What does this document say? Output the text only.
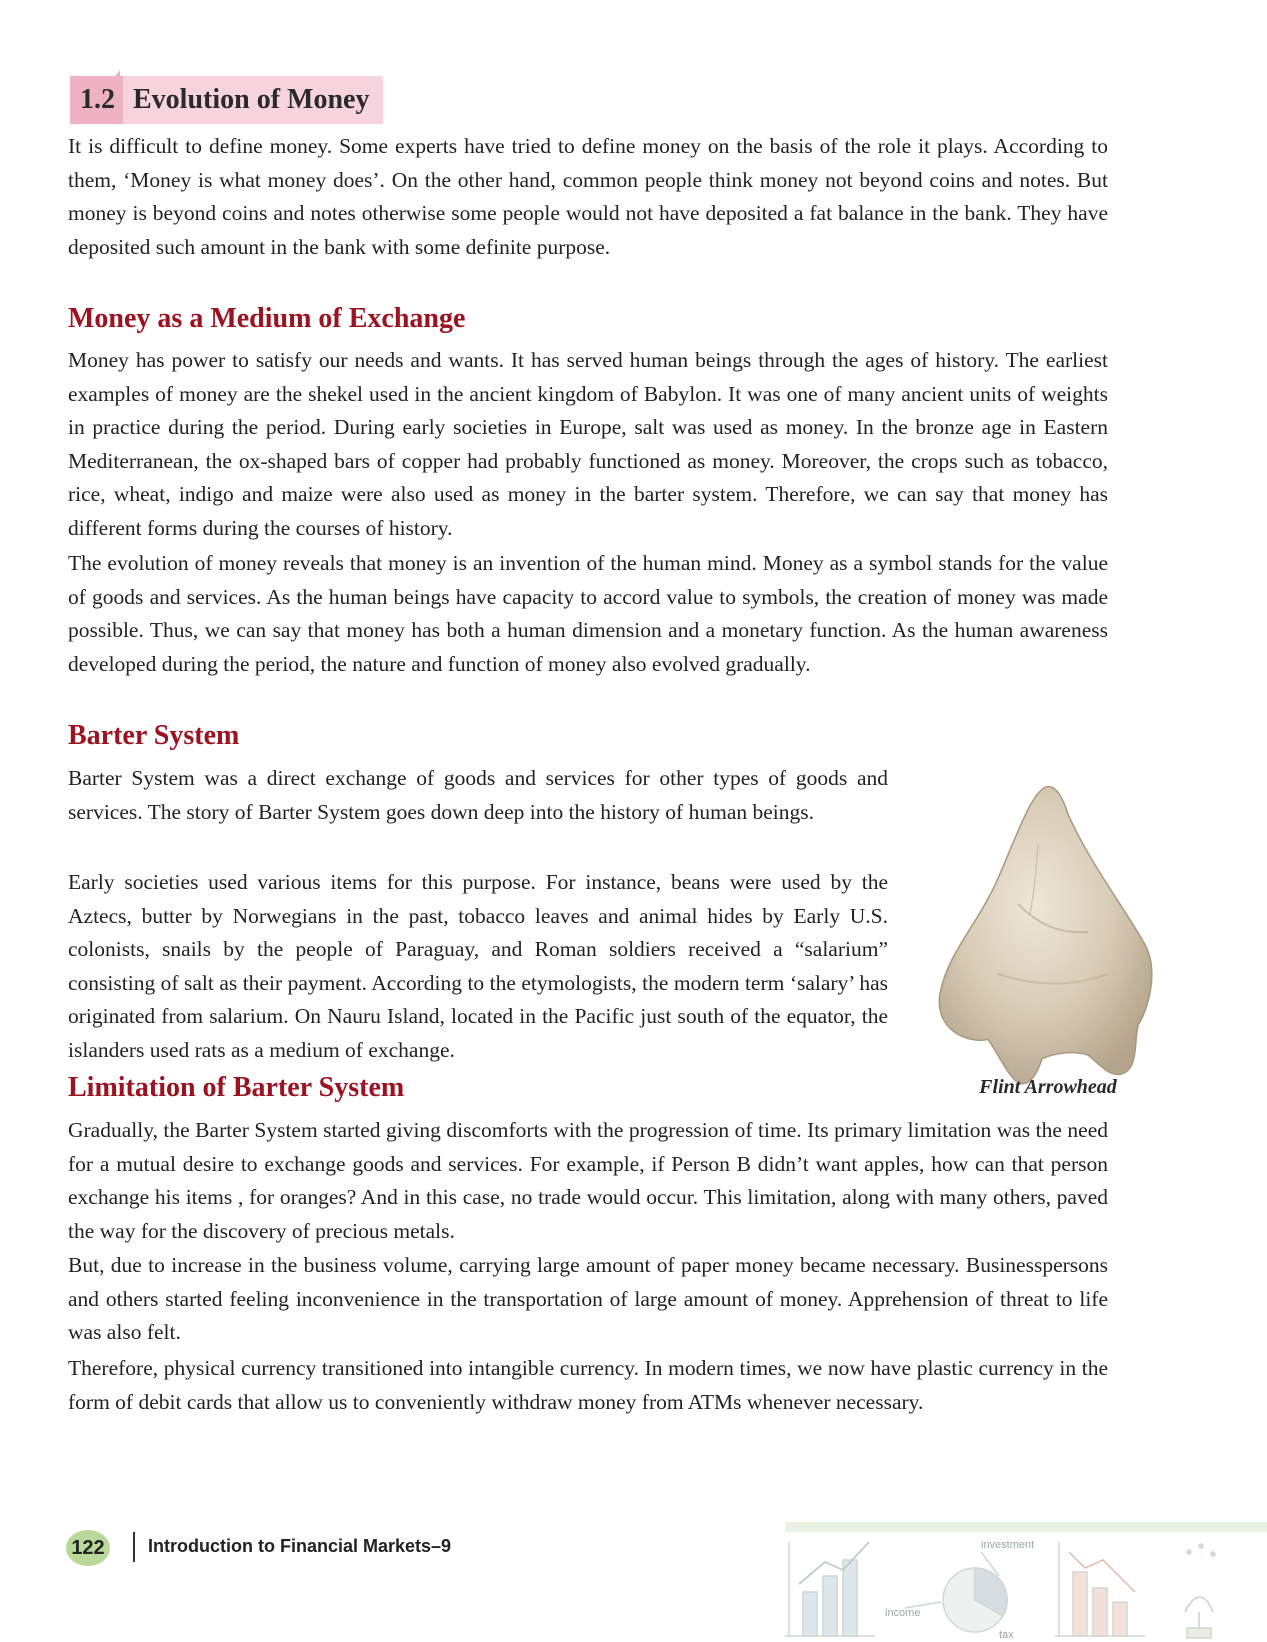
1.2 Evolution of Money

It is difficult to define money. Some experts have tried to define money on the basis of the role it plays. According to them, ‘Money is what money does’. On the other hand, common people think money not beyond coins and notes. But money is beyond coins and notes otherwise some people would not have deposited a fat balance in the bank. They have deposited such amount in the bank with some definite purpose.

Money as a Medium of Exchange

Money has power to satisfy our needs and wants. It has served human beings through the ages of history. The earliest examples of money are the shekel used in the ancient kingdom of Babylon. It was one of many ancient units of weights in practice during the period. During early societies in Europe, salt was used as money. In the bronze age in Eastern Mediterranean, the ox-shaped bars of copper had probably functioned as money. Moreover, the crops such as tobacco, rice, wheat, indigo and maize were also used as money in the barter system. Therefore, we can say that money has different forms during the courses of history.

The evolution of money reveals that money is an invention of the human mind. Money as a symbol stands for the value of goods and services. As the human beings have capacity to accord value to symbols, the creation of money was made possible. Thus, we can say that money has both a human dimension and a monetary function. As the human awareness developed during the period, the nature and function of money also evolved gradually.

Barter System

Barter System was a direct exchange of goods and services for other types of goods and services. The story of Barter System goes down deep into the history of human beings.

Early societies used various items for this purpose. For instance, beans were used by the Aztecs, butter by Norwegians in the past, tobacco leaves and animal hides by Early U.S. colonists, snails by the people of Paraguay, and Roman soldiers received a “salarium” consisting of salt as their payment. According to the etymologists, the modern term ‘salary’ has originated from salarium. On Nauru Island, located in the Pacific just south of the equator, the islanders used rats as a medium of exchange.

Flint Arrowhead
Limitation of Barter System

Gradually, the Barter System started giving discomforts with the progression of time. Its primary limitation was the need for a mutual desire to exchange goods and services. For example, if Person B didn’t want apples, how can that person exchange his items , for oranges? And in this case, no trade would occur. This limitation, along with many others, paved the way for the discovery of precious metals.

But, due to increase in the business volume, carrying large amount of paper money became necessary. Businesspersons and others started feeling inconvenience in the transportation of large amount of money. Apprehension of threat to life was also felt.

Therefore, physical currency transitioned into intangible currency. In modern times, we now have plastic currency in the form of debit cards that allow us to conveniently withdraw money from ATMs whenever necessary.

122 Introduction to Financial Markets–9	investment
income
tax
